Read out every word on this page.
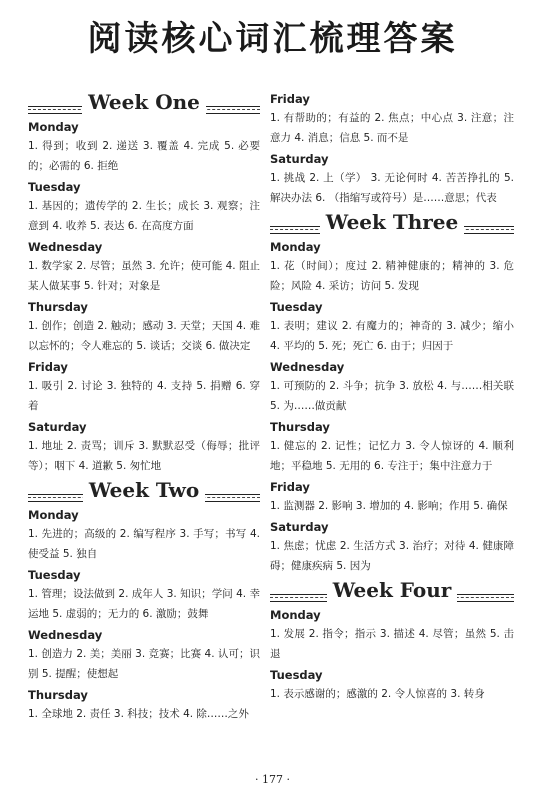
阅读核心词汇梳理答案
Week One
Monday

1. 得到；收到 2. 递送 3. 覆盖 4. 完成 5. 必要的；必需的 6. 拒绝

Tuesday

1. 基因的；遗传学的 2. 生长；成长 3. 观察；注意到 4. 收养 5. 表达 6. 在高度方面

Wednesday

1. 数学家 2. 尽管；虽然 3. 允许；使可能 4. 阻止某人做某事 5. 针对；对象是

Thursday

1. 创作；创造 2. 触动；感动 3. 天堂；天国 4. 难以忘怀的；令人难忘的 5. 谈话；交谈 6. 做决定

Friday

1. 吸引 2. 讨论 3. 独特的 4. 支持 5. 捐赠 6. 穿着

Saturday

1. 地址 2. 责骂；训斥 3. 默默忍受（侮辱；批评等）；咽下 4. 道歉 5. 匆忙地

Week Two
Monday

1. 先进的；高级的 2. 编写程序 3. 手写；书写 4. 使受益 5. 独自

Tuesday

1. 管理；设法做到 2. 成年人 3. 知识；学问 4. 幸运地 5. 虚弱的；无力的 6. 激励；鼓舞

Wednesday

1. 创造力 2. 美；美丽 3. 竞赛；比赛 4. 认可；识别 5. 提醒；使想起

Thursday

1. 全球地 2. 责任 3. 科技；技术 4. 除……之外

Friday

1. 有帮助的；有益的 2. 焦点；中心点 3. 注意；注意力 4. 消息；信息 5. 而不是

Saturday

1. 挑战 2. 上（学） 3. 无论何时 4. 苦苦挣扎的 5. 解决办法 6. （指缩写或符号）是……意思；代表

Week Three
Monday

1. 花（时间）；度过 2. 精神健康的；精神的 3. 危险；风险 4. 采访；访问 5. 发现

Tuesday

1. 表明；建议 2. 有魔力的；神奇的 3. 减少；缩小 4. 平均的 5. 死；死亡 6. 由于；归因于

Wednesday

1. 可预防的 2. 斗争；抗争 3. 放松 4. 与……相关联 5. 为……做贡献

Thursday

1. 健忘的 2. 记性；记忆力 3. 令人惊讶的 4. 顺利地；平稳地 5. 无用的 6. 专注于；集中注意力于

Friday

1. 监测器 2. 影响 3. 增加的 4. 影响；作用 5. 确保

Saturday

1. 焦虑；忧虑 2. 生活方式 3. 治疗；对待 4. 健康障碍；健康疾病 5. 因为

Week Four
Monday

1. 发展 2. 指令；指示 3. 描述 4. 尽管；虽然 5. 击退

Tuesday

1. 表示感谢的；感激的 2. 令人惊喜的 3. 转身

· 177 ·
